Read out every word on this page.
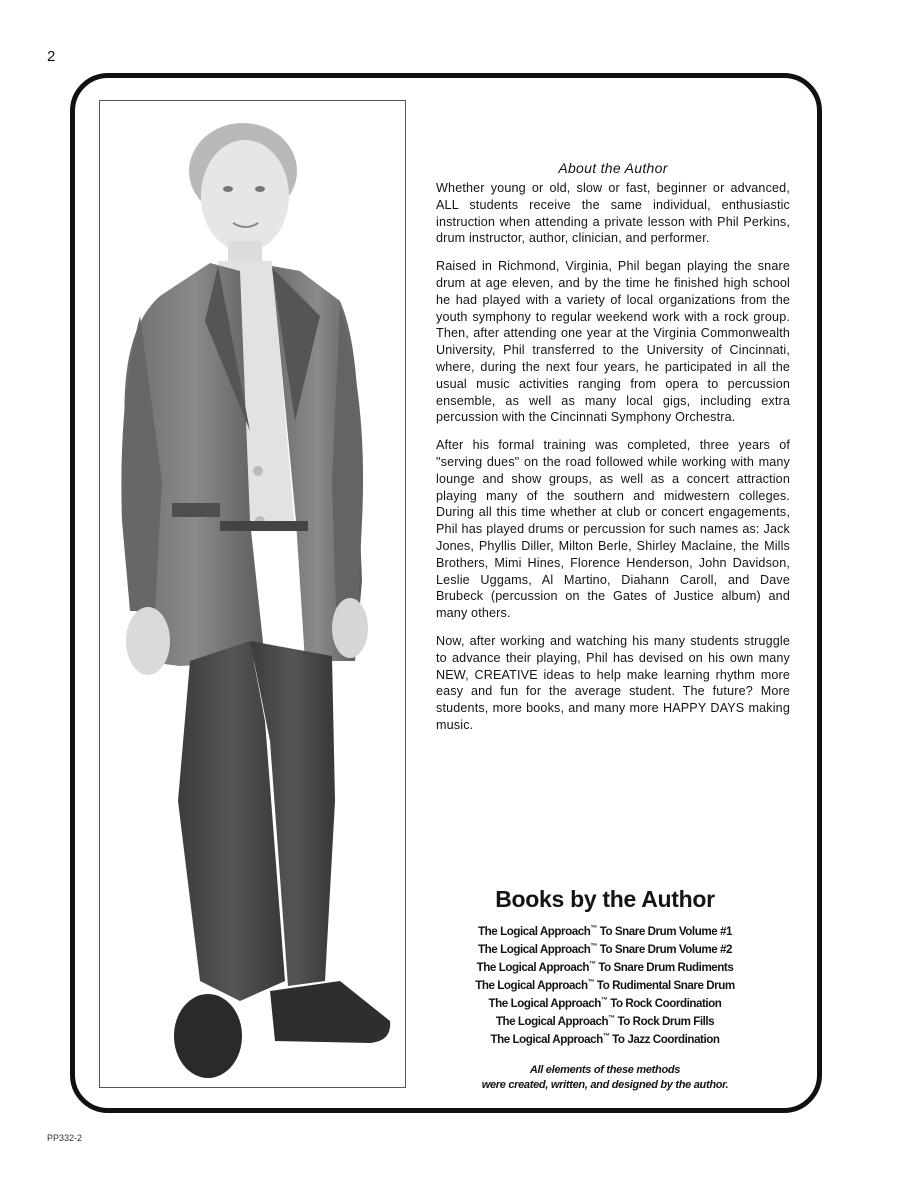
2
About the Author

Whether young or old, slow or fast, beginner or advanced, ALL students receive the same individual, enthusiastic instruction when attending a private lesson with Phil Perkins, drum instructor, author, clinician, and performer.

Raised in Richmond, Virginia, Phil began playing the snare drum at age eleven, and by the time he finished high school he had played with a variety of local organizations from the youth symphony to regular weekend work with a rock group. Then, after attending one year at the Virginia Commonwealth University, Phil transferred to the University of Cincinnati, where, during the next four years, he participated in all the usual music activities ranging from opera to percussion ensemble, as well as many local gigs, including extra percussion with the Cincinnati Symphony Orchestra.

After his formal training was completed, three years of "serving dues" on the road followed while working with many lounge and show groups, as well as a concert attraction playing many of the southern and midwestern colleges. During all this time whether at club or concert engagements, Phil has played drums or percussion for such names as: Jack Jones, Phyllis Diller, Milton Berle, Shirley Maclaine, the Mills Brothers, Mimi Hines, Florence Henderson, John Davidson, Leslie Uggams, Al Martino, Diahann Caroll, and Dave Brubeck (percussion on the Gates of Justice album) and many others.

Now, after working and watching his many students struggle to advance their playing, Phil has devised on his own many NEW, CREATIVE ideas to help make learning rhythm more easy and fun for the average student. The future? More students, more books, and many more HAPPY DAYS making music.

Books by the Author
The Logical Approach™ To Snare Drum Volume #1
The Logical Approach™ To Snare Drum Volume #2
The Logical Approach™ To Snare Drum Rudiments
The Logical Approach™ To Rudimental Snare Drum
The Logical Approach™ To Rock Coordination
The Logical Approach™ To Rock Drum Fills
The Logical Approach™ To Jazz Coordination
All elements of these methods
were created, written, and designed by the author.
PP332-2
